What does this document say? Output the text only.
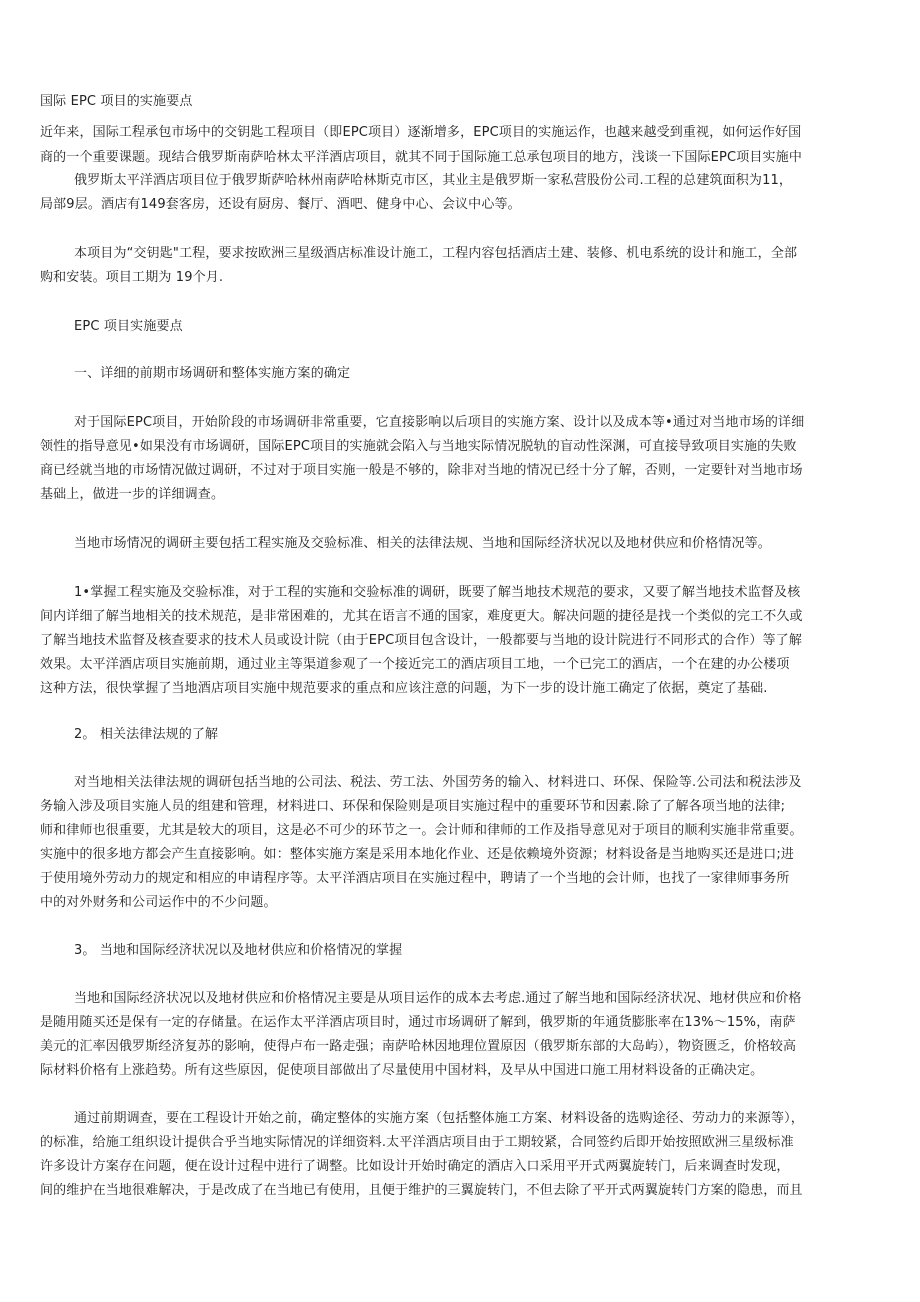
国际 EPC 项目的实施要点
近年来，国际工程承包市场中的交钥匙工程项目（即EPC项目）逐渐增多，EPC项目的实施运作，也越来越受到重视，如何运作好国
商的一个重要课题。现结合俄罗斯南萨哈林太平洋酒店项目，就其不同于国际施工总承包项目的地方，浅谈一下国际EPC项目实施中
俄罗斯太平洋酒店项目位于俄罗斯萨哈林州南萨哈林斯克市区，其业主是俄罗斯一家私营股份公司.工程的总建筑面积为11，
局部9层。酒店有149套客房，还设有厨房、餐厅、酒吧、健身中心、会议中心等。
本项目为“交钥匙"工程，要求按欧洲三星级酒店标准设计施工，工程内容包括酒店土建、装修、机电系统的设计和施工，全部
购和安装。项目工期为 19个月.
EPC 项目实施要点
一、详细的前期市场调研和整体实施方案的确定
对于国际EPC项目，开始阶段的市场调研非常重要，它直接影响以后项目的实施方案、设计以及成本等•通过对当地市场的详细
领性的指导意见•如果没有市场调研，国际EPC项目的实施就会陷入与当地实际情况脱轨的盲动性深渊，可直接导致项目实施的失败
商已经就当地的市场情况做过调研，不过对于项目实施一般是不够的，除非对当地的情况已经十分了解，否则，一定要针对当地市场
基础上，做进一步的详细调查。
当地市场情况的调研主要包括工程实施及交验标准、相关的法律法规、当地和国际经济状况以及地材供应和价格情况等。
1•掌握工程实施及交验标准，对于工程的实施和交验标准的调研，既要了解当地技术规范的要求，又要了解当地技术监督及核
间内详细了解当地相关的技术规范，是非常困难的，尤其在语言不通的国家，难度更大。解决问题的捷径是找一个类似的完工不久或
了解当地技术监督及核查要求的技术人员或设计院（由于EPC项目包含设计，一般都要与当地的设计院进行不同形式的合作）等了解
效果。太平洋酒店项目实施前期，通过业主等渠道参观了一个接近完工的酒店项目工地，一个已完工的酒店，一个在建的办公楼项
这种方法，很快掌握了当地酒店项目实施中规范要求的重点和应该注意的问题，为下一步的设计施工确定了依据，奠定了基础.
2。 相关法律法规的了解
对当地相关法律法规的调研包括当地的公司法、税法、劳工法、外国劳务的输入、材料进口、环保、保险等.公司法和税法涉及
务输入涉及项目实施人员的组建和管理，材料进口、环保和保险则是项目实施过程中的重要环节和因素.除了了解各项当地的法律;
师和律师也很重要，尤其是较大的项目，这是必不可少的环节之一。会计师和律师的工作及指导意见对于项目的顺利实施非常重要。
实施中的很多地方都会产生直接影响。如：整体实施方案是采用本地化作业、还是依赖境外资源；材料设备是当地购买还是进口;进
于使用境外劳动力的规定和相应的申请程序等。太平洋酒店项目在实施过程中，聘请了一个当地的会计师，也找了一家律师事务所
中的对外财务和公司运作中的不少问题。
3。 当地和国际经济状况以及地材供应和价格情况的掌握
当地和国际经济状况以及地材供应和价格情况主要是从项目运作的成本去考虑.通过了解当地和国际经济状况、地材供应和价格
是随用随买还是保有一定的存储量。在运作太平洋酒店项目时，通过市场调研了解到，俄罗斯的年通货膨胀率在13%～15%，南萨
美元的汇率因俄罗斯经济复苏的影响，使得卢布一路走强；南萨哈林因地理位置原因（俄罗斯东部的大岛屿），物资匮乏，价格较高
际材料价格有上涨趋势。所有这些原因，促使项目部做出了尽量使用中国材料，及早从中国进口施工用材料设备的正确决定。
通过前期调查，要在工程设计开始之前，确定整体的实施方案（包括整体施工方案、材料设备的选购途径、劳动力的来源等），
的标准，给施工组织设计提供合乎当地实际情况的详细资料.太平洋酒店项目由于工期较紧，合同签约后即开始按照欧洲三星级标准
许多设计方案存在问题，便在设计过程中进行了调整。比如设计开始时确定的酒店入口采用平开式两翼旋转门，后来调查时发现，
间的维护在当地很难解决，于是改成了在当地已有使用，且便于维护的三翼旋转门，不但去除了平开式两翼旋转门方案的隐患，而且
